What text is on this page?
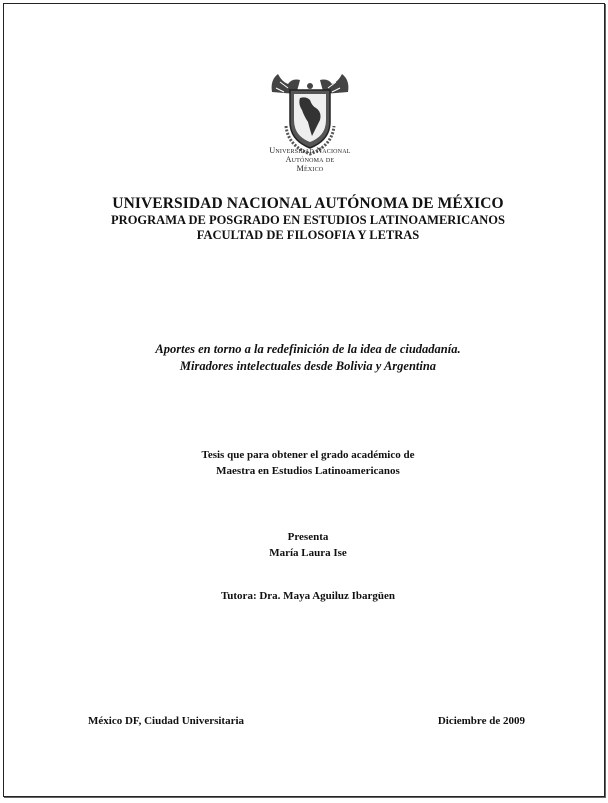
Universidad Nacional
Autónoma de
México
UNIVERSIDAD NACIONAL AUTÓNOMA DE MÉXICO
PROGRAMA DE POSGRADO EN ESTUDIOS LATINOAMERICANOS
FACULTAD DE FILOSOFIA Y LETRAS
Aportes en torno a la redefinición de la idea de ciudadanía.
Miradores intelectuales desde Bolivia y Argentina
Tesis que para obtener el grado académico de
Maestra en Estudios Latinoamericanos
Presenta
María Laura Ise
Tutora: Dra. Maya Aguiluz Ibargüen
México DF, Ciudad Universitaria	Diciembre de 2009
